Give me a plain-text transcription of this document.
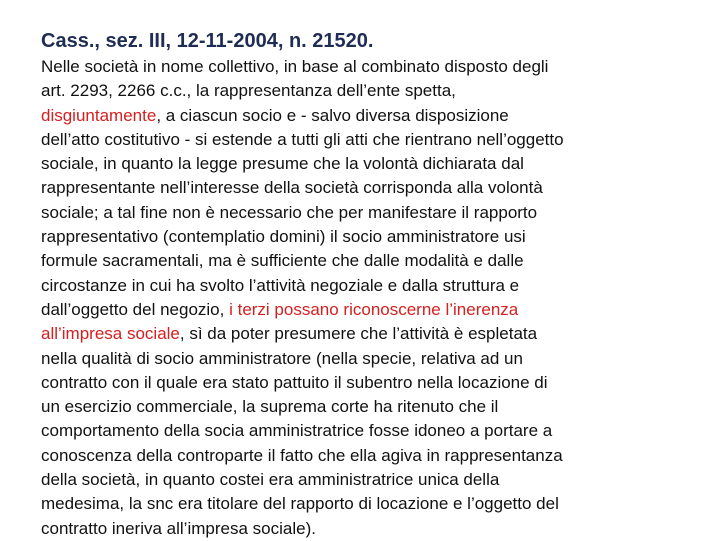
Cass., sez. III, 12-11-2004, n. 21520.
Nelle società in nome collettivo, in base al combinato disposto degli
art. 2293, 2266 c.c., la rappresentanza dell’ente spetta,
disgiuntamente, a ciascun socio e - salvo diversa disposizione
dell’atto costitutivo - si estende a tutti gli atti che rientrano nell’oggetto
sociale, in quanto la legge presume che la volontà dichiarata dal
rappresentante nell’interesse della società corrisponda alla volontà
sociale; a tal fine non è necessario che per manifestare il rapporto
rappresentativo (contemplatio domini) il socio amministratore usi
formule sacramentali, ma è sufficiente che dalle modalità e dalle
circostanze in cui ha svolto l’attività negoziale e dalla struttura e
dall’oggetto del negozio, i terzi possano riconoscerne l’inerenza
all’impresa sociale, sì da poter presumere che l’attività è espletata
nella qualità di socio amministratore (nella specie, relativa ad un
contratto con il quale era stato pattuito il subentro nella locazione di
un esercizio commerciale, la suprema corte ha ritenuto che il
comportamento della socia amministratrice fosse idoneo a portare a
conoscenza della controparte il fatto che ella agiva in rappresentanza
della società, in quanto costei era amministratrice unica della
medesima, la snc era titolare del rapporto di locazione e l’oggetto del
contratto ineriva all’impresa sociale).
